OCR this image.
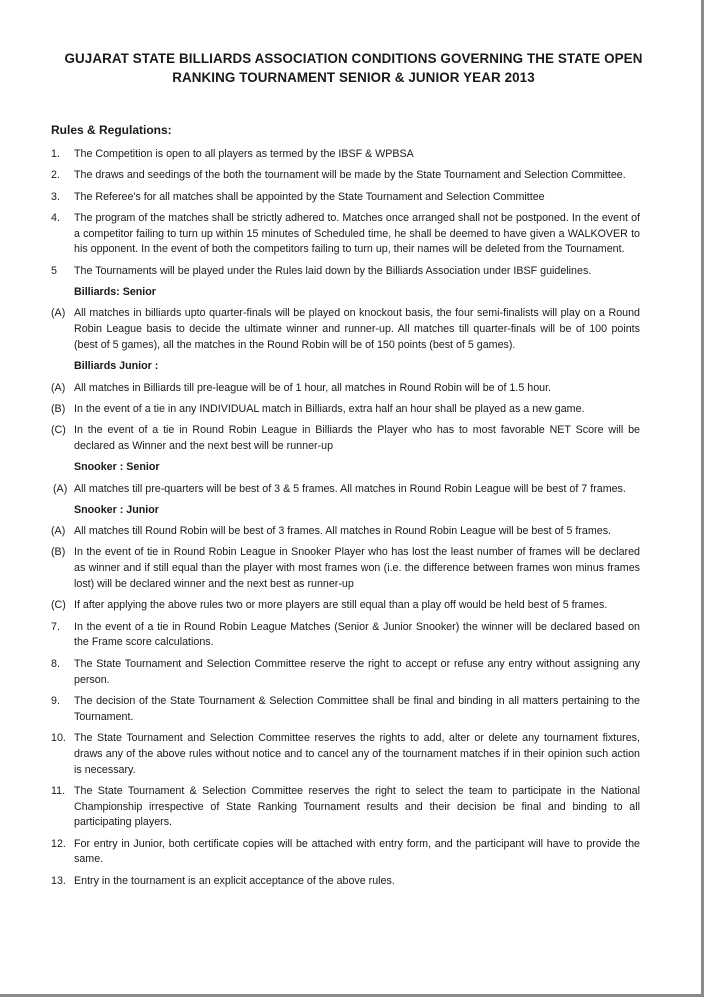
GUJARAT STATE BILLIARDS ASSOCIATION CONDITIONS GOVERNING THE STATE OPEN
RANKING TOURNAMENT SENIOR & JUNIOR YEAR 2013
Rules & Regulations:
1. The Competition is open to all players as termed by the IBSF & WPBSA
2. The draws and seedings of the both the tournament will be made by the State Tournament and Selection Committee.
3. The Referee's for all matches shall be appointed by the State Tournament and Selection Committee
4. The program of the matches shall be strictly adhered to. Matches once arranged shall not be postponed. In the event of a competitor failing to turn up within 15 minutes of Scheduled time, he shall be deemed to have given a WALKOVER to his opponent. In the event of both the competitors failing to turn up, their names will be deleted from the Tournament.
5 The Tournaments will be played under the Rules laid down by the Billiards Association under IBSF guidelines.
Billiards: Senior
(A) All matches in billiards upto quarter-finals will be played on knockout basis, the four semi-finalists will play on a Round Robin League basis to decide the ultimate winner and runner-up. All matches till quarter-finals will be of 100 points (best of 5 games), all the matches in the Round Robin will be of 150 points (best of 5 games).
Billiards Junior :
(A) All matches in Billiards till pre-league will be of 1 hour, all matches in Round Robin will be of 1.5 hour.
(B) In the event of a tie in any INDIVIDUAL match in Billiards, extra half an hour shall be played as a new game.
(C) In the event of a tie in Round Robin League in Billiards the Player who has to most favorable NET Score will be declared as Winner and the next best will be runner-up
Snooker : Senior
(A) All matches till pre-quarters will be best of 3 & 5 frames. All matches in Round Robin League will be best of 7 frames.
Snooker : Junior
(A) All matches till Round Robin will be best of 3 frames. All matches in Round Robin League will be best of 5 frames.
(B) In the event of tie in Round Robin League in Snooker Player who has lost the least number of frames will be declared as winner and if still equal than the player with most frames won (i.e. the difference between frames won minus frames lost) will be declared winner and the next best as runner-up
(C) If after applying the above rules two or more players are still equal than a play off would be held best of 5 frames.
7. In the event of a tie in Round Robin League Matches (Senior & Junior Snooker) the winner will be declared based on the Frame score calculations.
8. The State Tournament and Selection Committee reserve the right to accept or refuse any entry without assigning any person.
9. The decision of the State Tournament & Selection Committee shall be final and binding in all matters pertaining to the Tournament.
10. The State Tournament and Selection Committee reserves the rights to add, alter or delete any tournament fixtures, draws any of the above rules without notice and to cancel any of the tournament matches if in their opinion such action is necessary.
11. The State Tournament & Selection Committee reserves the right to select the team to participate in the National Championship irrespective of State Ranking Tournament results and their decision be final and binding to all participating players.
12. For entry in Junior, both certificate copies will be attached with entry form, and the participant will have to provide the same.
13. Entry in the tournament is an explicit acceptance of the above rules.
